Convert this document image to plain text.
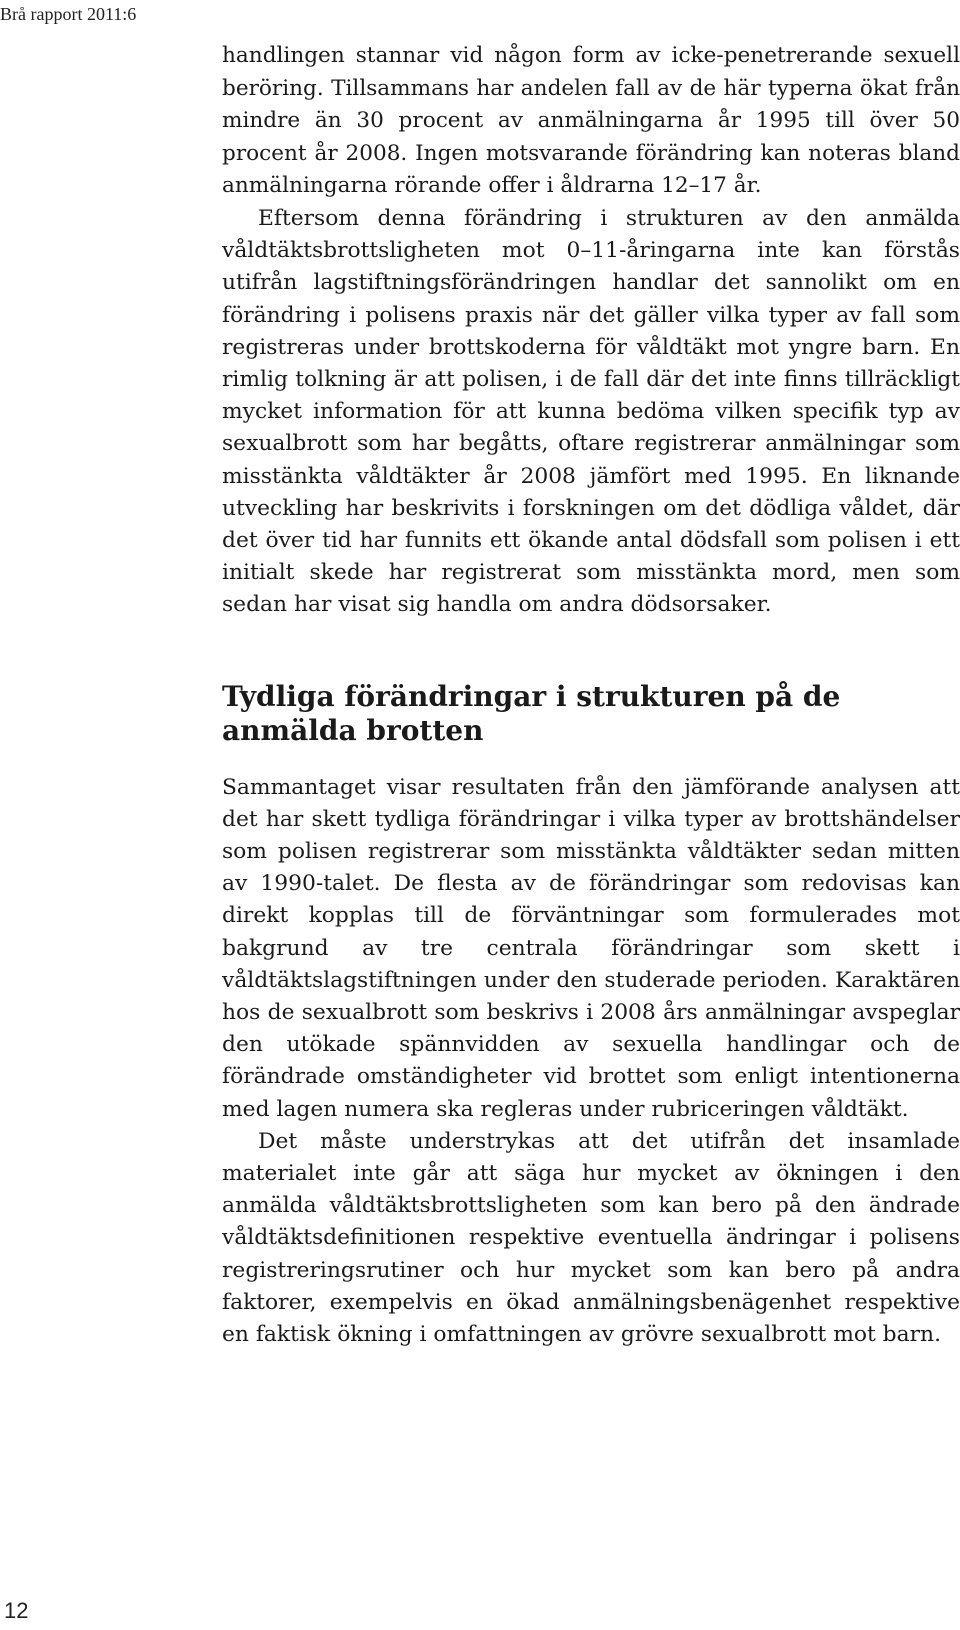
Brå rapport 2011:6

handlingen stannar vid någon form av icke-penetrerande sexuell beröring. Tillsammans har andelen fall av de här typerna ökat från mindre än 30 procent av anmälningarna år 1995 till över 50 procent år 2008. Ingen motsvarande förändring kan noteras bland anmälningarna rörande offer i åldrarna 12–17 år.

Eftersom denna förändring i strukturen av den anmälda våldtäktsbrottsligheten mot 0–11-åringarna inte kan förstås utifrån lagstiftningsförändringen handlar det sannolikt om en förändring i polisens praxis när det gäller vilka typer av fall som registreras under brottskoderna för våldtäkt mot yngre barn. En rimlig tolkning är att polisen, i de fall där det inte finns tillräckligt mycket information för att kunna bedöma vilken specifik typ av sexualbrott som har begåtts, oftare registrerar anmälningar som misstänkta våldtäkter år 2008 jämfört med 1995. En liknande utveckling har beskrivits i forskningen om det dödliga våldet, där det över tid har funnits ett ökande antal dödsfall som polisen i ett initialt skede har registrerat som misstänkta mord, men som sedan har visat sig handla om andra dödsorsaker.

Tydliga förändringar i strukturen på de anmälda brotten

Sammantaget visar resultaten från den jämförande analysen att det har skett tydliga förändringar i vilka typer av brottshändelser som polisen registrerar som misstänkta våldtäkter sedan mitten av 1990-talet. De flesta av de förändringar som redovisas kan direkt kopplas till de förväntningar som formulerades mot bakgrund av tre centrala förändringar som skett i våldtäktslagstiftningen under den studerade perioden. Karaktären hos de sexualbrott som beskrivs i 2008 års anmälningar avspeglar den utökade spännvidden av sexuella handlingar och de förändrade omständigheter vid brottet som enligt intentionerna med lagen numera ska regleras under rubriceringen våldtäkt.

Det måste understrykas att det utifrån det insamlade materialet inte går att säga hur mycket av ökningen i den anmälda våldtäktsbrottsligheten som kan bero på den ändrade våldtäktsdefinitionen respektive eventuella ändringar i polisens registreringsrutiner och hur mycket som kan bero på andra faktorer, exempelvis en ökad anmälningsbenägenhet respektive en faktisk ökning i omfattningen av grövre sexualbrott mot barn.

12
